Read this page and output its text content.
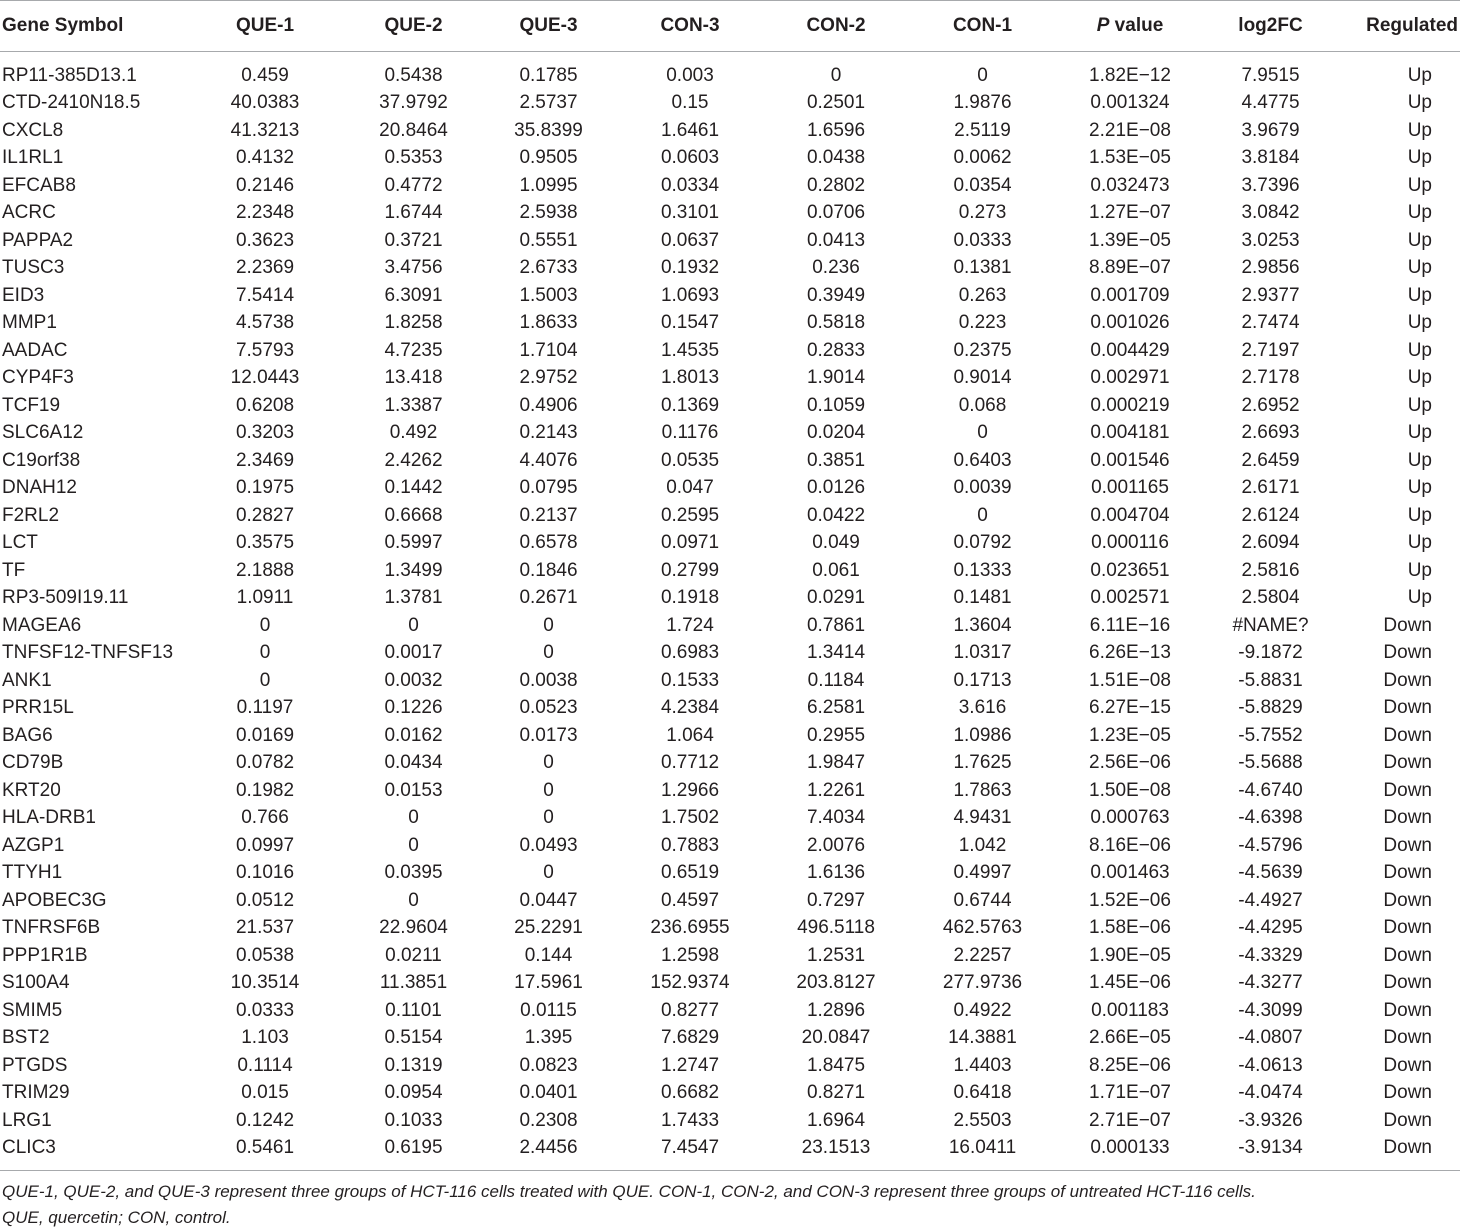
Gene Symbol	QUE-1	QUE-2	QUE-3	CON-3	CON-2	CON-1	P value	log2FC	Regulated
RP11-385D13.1	0.459	0.5438	0.1785	0.003	0	0	1.82E−12	7.9515	Up
CTD-2410N18.5	40.0383	37.9792	2.5737	0.15	0.2501	1.9876	0.001324	4.4775	Up
CXCL8	41.3213	20.8464	35.8399	1.6461	1.6596	2.5119	2.21E−08	3.9679	Up
IL1RL1	0.4132	0.5353	0.9505	0.0603	0.0438	0.0062	1.53E−05	3.8184	Up
EFCAB8	0.2146	0.4772	1.0995	0.0334	0.2802	0.0354	0.032473	3.7396	Up
ACRC	2.2348	1.6744	2.5938	0.3101	0.0706	0.273	1.27E−07	3.0842	Up
PAPPA2	0.3623	0.3721	0.5551	0.0637	0.0413	0.0333	1.39E−05	3.0253	Up
TUSC3	2.2369	3.4756	2.6733	0.1932	0.236	0.1381	8.89E−07	2.9856	Up
EID3	7.5414	6.3091	1.5003	1.0693	0.3949	0.263	0.001709	2.9377	Up
MMP1	4.5738	1.8258	1.8633	0.1547	0.5818	0.223	0.001026	2.7474	Up
AADAC	7.5793	4.7235	1.7104	1.4535	0.2833	0.2375	0.004429	2.7197	Up
CYP4F3	12.0443	13.418	2.9752	1.8013	1.9014	0.9014	0.002971	2.7178	Up
TCF19	0.6208	1.3387	0.4906	0.1369	0.1059	0.068	0.000219	2.6952	Up
SLC6A12	0.3203	0.492	0.2143	0.1176	0.0204	0	0.004181	2.6693	Up
C19orf38	2.3469	2.4262	4.4076	0.0535	0.3851	0.6403	0.001546	2.6459	Up
DNAH12	0.1975	0.1442	0.0795	0.047	0.0126	0.0039	0.001165	2.6171	Up
F2RL2	0.2827	0.6668	0.2137	0.2595	0.0422	0	0.004704	2.6124	Up
LCT	0.3575	0.5997	0.6578	0.0971	0.049	0.0792	0.000116	2.6094	Up
TF	2.1888	1.3499	0.1846	0.2799	0.061	0.1333	0.023651	2.5816	Up
RP3-509I19.11	1.0911	1.3781	0.2671	0.1918	0.0291	0.1481	0.002571	2.5804	Up
MAGEA6	0	0	0	1.724	0.7861	1.3604	6.11E−16	#NAME?	Down
TNFSF12-TNFSF13	0	0.0017	0	0.6983	1.3414	1.0317	6.26E−13	-9.1872	Down
ANK1	0	0.0032	0.0038	0.1533	0.1184	0.1713	1.51E−08	-5.8831	Down
PRR15L	0.1197	0.1226	0.0523	4.2384	6.2581	3.616	6.27E−15	-5.8829	Down
BAG6	0.0169	0.0162	0.0173	1.064	0.2955	1.0986	1.23E−05	-5.7552	Down
CD79B	0.0782	0.0434	0	0.7712	1.9847	1.7625	2.56E−06	-5.5688	Down
KRT20	0.1982	0.0153	0	1.2966	1.2261	1.7863	1.50E−08	-4.6740	Down
HLA-DRB1	0.766	0	0	1.7502	7.4034	4.9431	0.000763	-4.6398	Down
AZGP1	0.0997	0	0.0493	0.7883	2.0076	1.042	8.16E−06	-4.5796	Down
TTYH1	0.1016	0.0395	0	0.6519	1.6136	0.4997	0.001463	-4.5639	Down
APOBEC3G	0.0512	0	0.0447	0.4597	0.7297	0.6744	1.52E−06	-4.4927	Down
TNFRSF6B	21.537	22.9604	25.2291	236.6955	496.5118	462.5763	1.58E−06	-4.4295	Down
PPP1R1B	0.0538	0.0211	0.144	1.2598	1.2531	2.2257	1.90E−05	-4.3329	Down
S100A4	10.3514	11.3851	17.5961	152.9374	203.8127	277.9736	1.45E−06	-4.3277	Down
SMIM5	0.0333	0.1101	0.0115	0.8277	1.2896	0.4922	0.001183	-4.3099	Down
BST2	1.103	0.5154	1.395	7.6829	20.0847	14.3881	2.66E−05	-4.0807	Down
PTGDS	0.1114	0.1319	0.0823	1.2747	1.8475	1.4403	8.25E−06	-4.0613	Down
TRIM29	0.015	0.0954	0.0401	0.6682	0.8271	0.6418	1.71E−07	-4.0474	Down
LRG1	0.1242	0.1033	0.2308	1.7433	1.6964	2.5503	2.71E−07	-3.9326	Down
CLIC3	0.5461	0.6195	2.4456	7.4547	23.1513	16.0411	0.000133	-3.9134	Down

QUE-1, QUE-2, and QUE-3 represent three groups of HCT-116 cells treated with QUE. CON-1, CON-2, and CON-3 represent three groups of untreated HCT-116 cells.

QUE, quercetin; CON, control.
